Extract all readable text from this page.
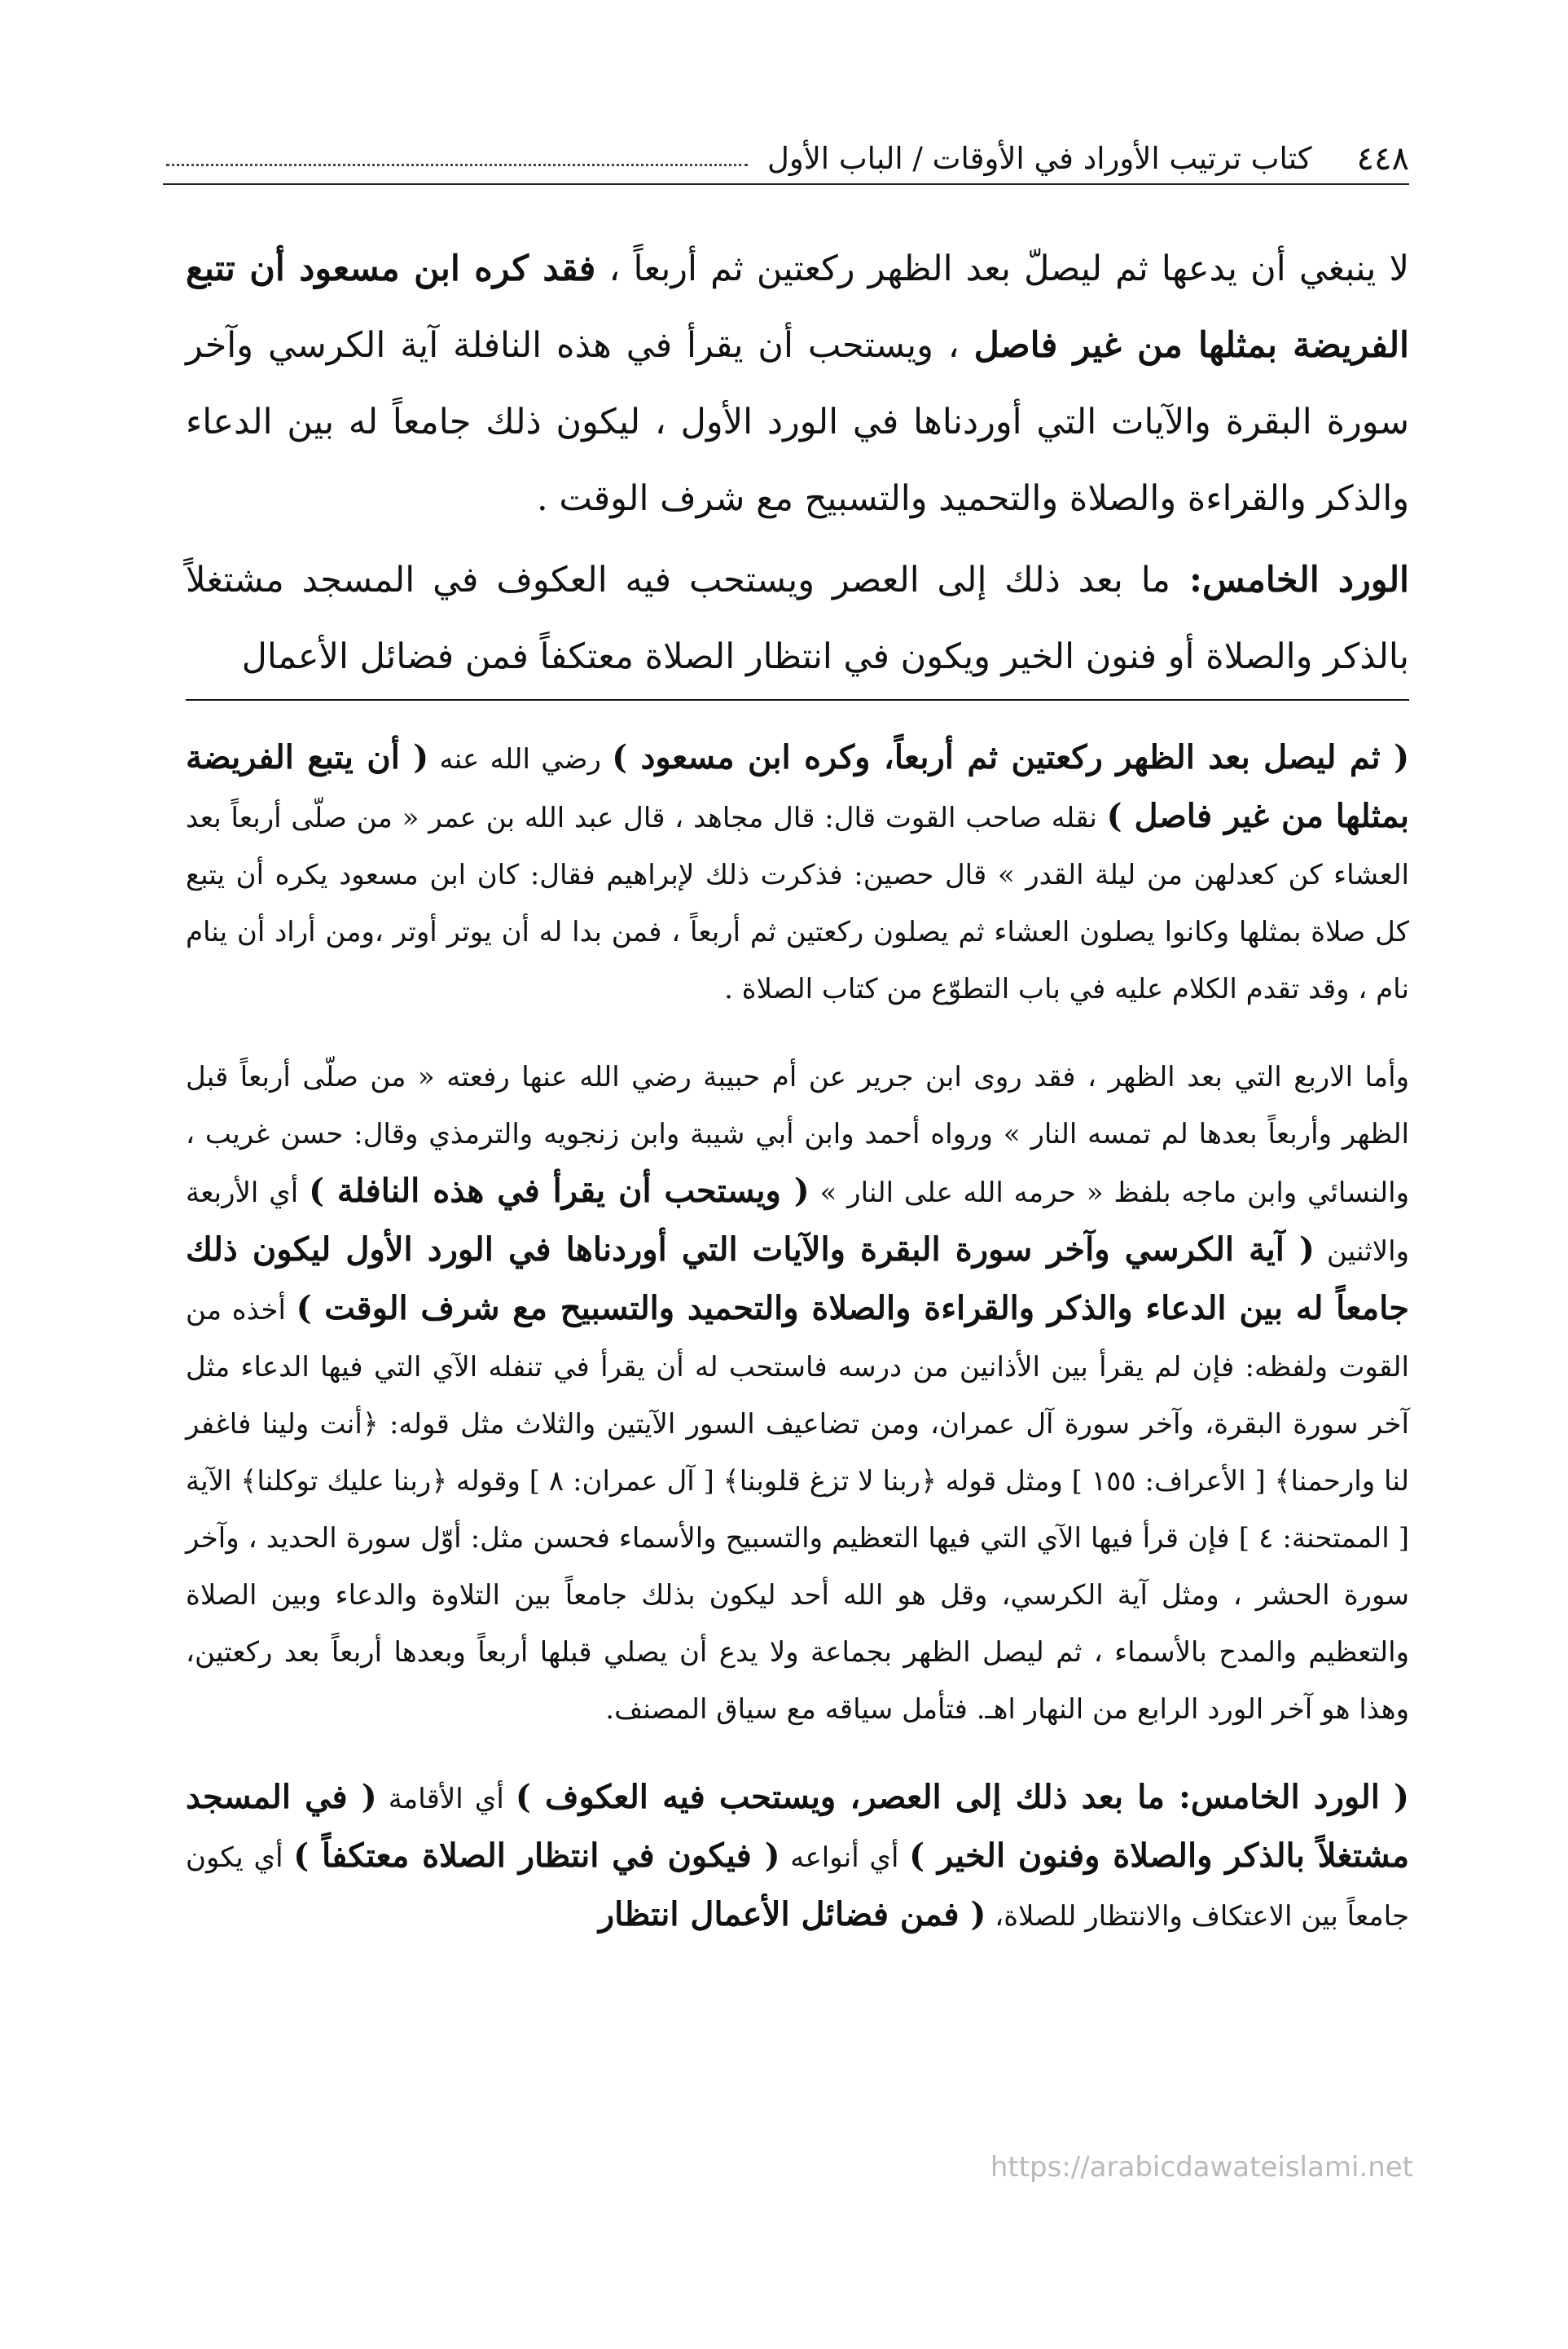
٤٤٨
كتاب ترتيب الأوراد في الأوقات / الباب الأول

لا ينبغي أن يدعها ثم ليصلّ بعد الظهر ركعتين ثم أربعاً ، فقد كره ابن مسعود أن تتبع الفريضة بمثلها من غير فاصل ، ويستحب أن يقرأ في هذه النافلة آية الكرسي وآخر سورة البقرة والآيات التي أوردناها في الورد الأول ، ليكون ذلك جامعاً له بين الدعاء والذكر والقراءة والصلاة والتحميد والتسبيح مع شرف الوقت .

الورد الخامس: ما بعد ذلك إلى العصر ويستحب فيه العكوف في المسجد مشتغلاً بالذكر والصلاة أو فنون الخير ويكون في انتظار الصلاة معتكفاً فمن فضائل الأعمال

( ثم ليصل بعد الظهر ركعتين ثم أربعاً، وكره ابن مسعود ) رضي الله عنه ( أن يتبع الفريضة بمثلها من غير فاصل ) نقله صاحب القوت قال: قال مجاهد ، قال عبد الله بن عمر « من صلّى أربعاً بعد العشاء كن كعدلهن من ليلة القدر » قال حصين: فذكرت ذلك لإبراهيم فقال: كان ابن مسعود يكره أن يتبع كل صلاة بمثلها وكانوا يصلون العشاء ثم يصلون ركعتين ثم أربعاً ، فمن بدا له أن يوتر أوتر ،ومن أراد أن ينام نام ، وقد تقدم الكلام عليه في باب التطوّع من كتاب الصلاة .

وأما الاربع التي بعد الظهر ، فقد روى ابن جرير عن أم حبيبة رضي الله عنها رفعته « من صلّى أربعاً قبل الظهر وأربعاً بعدها لم تمسه النار » ورواه أحمد وابن أبي شيبة وابن زنجويه والترمذي وقال: حسن غريب ، والنسائي وابن ماجه بلفظ « حرمه الله على النار » ( ويستحب أن يقرأ في هذه النافلة ) أي الأربعة والاثنين ( آية الكرسي وآخر سورة البقرة والآيات التي أوردناها في الورد الأول ليكون ذلك جامعاً له بين الدعاء والذكر والقراءة والصلاة والتحميد والتسبيح مع شرف الوقت ) أخذه من القوت ولفظه: فإن لم يقرأ بين الأذانين من درسه فاستحب له أن يقرأ في تنفله الآي التي فيها الدعاء مثل آخر سورة البقرة، وآخر سورة آل عمران، ومن تضاعيف السور الآيتين والثلاث مثل قوله: ﴿أنت ولينا فاغفر لنا وارحمنا﴾ [ الأعراف: ١٥٥ ] ومثل قوله ﴿ربنا لا تزغ قلوبنا﴾ [ آل عمران: ٨ ] وقوله ﴿ربنا عليك توكلنا﴾ الآية [ الممتحنة: ٤ ] فإن قرأ فيها الآي التي فيها التعظيم والتسبيح والأسماء فحسن مثل: أوّل سورة الحديد ، وآخر سورة الحشر ، ومثل آية الكرسي، وقل هو الله أحد ليكون بذلك جامعاً بين التلاوة والدعاء وبين الصلاة والتعظيم والمدح بالأسماء ، ثم ليصل الظهر بجماعة ولا يدع أن يصلي قبلها أربعاً وبعدها أربعاً بعد ركعتين، وهذا هو آخر الورد الرابع من النهار اهـ. فتأمل سياقه مع سياق المصنف.

( الورد الخامس: ما بعد ذلك إلى العصر، ويستحب فيه العكوف ) أي الأقامة ( في المسجد مشتغلاً بالذكر والصلاة وفنون الخير ) أي أنواعه ( فيكون في انتظار الصلاة معتكفاً ) أي يكون جامعاً بين الاعتكاف والانتظار للصلاة، ( فمن فضائل الأعمال انتظار

https://arabicdawateislami.net
